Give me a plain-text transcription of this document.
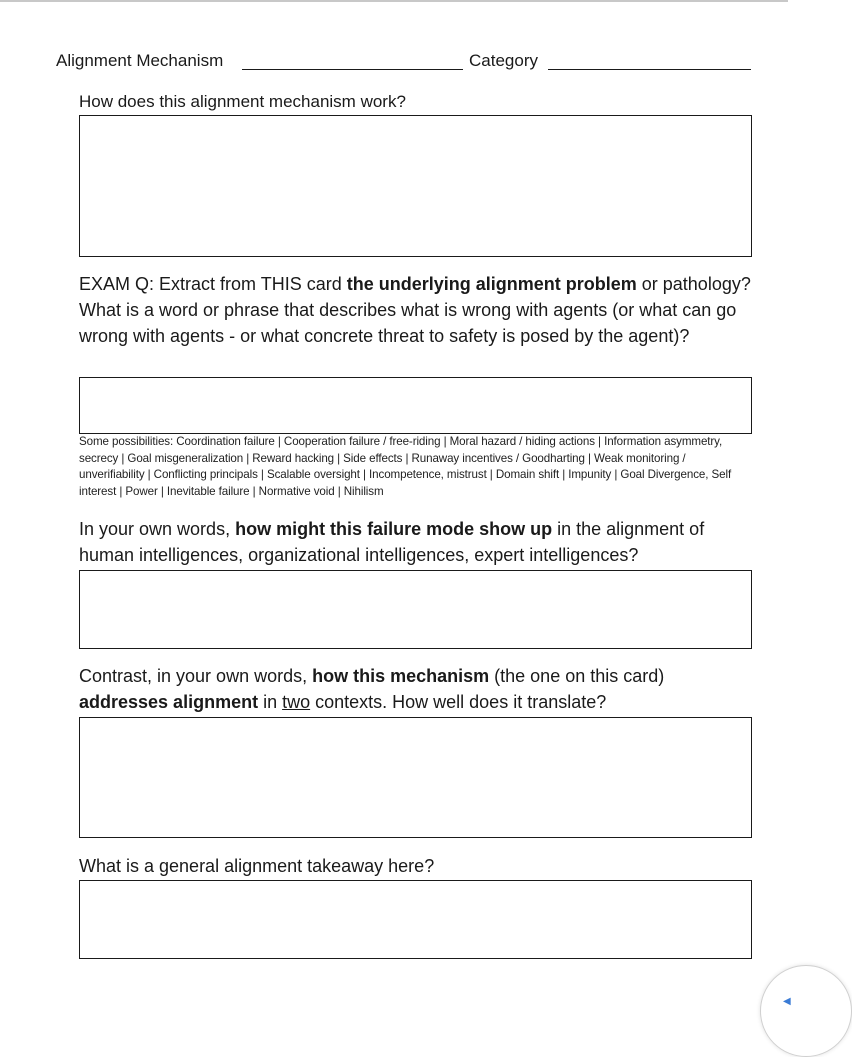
Alignment Mechanism	Category
How does this alignment mechanism work?
EXAM Q: Extract from THIS card the underlying alignment problem or pathology? What is a word or phrase that describes what is wrong with agents (or what can go wrong with agents - or what concrete threat to safety is posed by the agent)?
Some possibilities: Coordination failure | Cooperation failure / free-riding | Moral hazard / hiding actions | Information asymmetry, secrecy | Goal misgeneralization | Reward hacking | Side effects | Runaway incentives / Goodharting | Weak monitoring / unverifiability | Conflicting principals | Scalable oversight | Incompetence, mistrust | Domain shift | Impunity | Goal Divergence, Self interest | Power | Inevitable failure | Normative void | Nihilism
In your own words, how might this failure mode show up in the alignment of human intelligences, organizational intelligences, expert intelligences?
Contrast, in your own words, how this mechanism (the one on this card) addresses alignment in two contexts. How well does it translate?
What is a general alignment takeaway here?
◀
